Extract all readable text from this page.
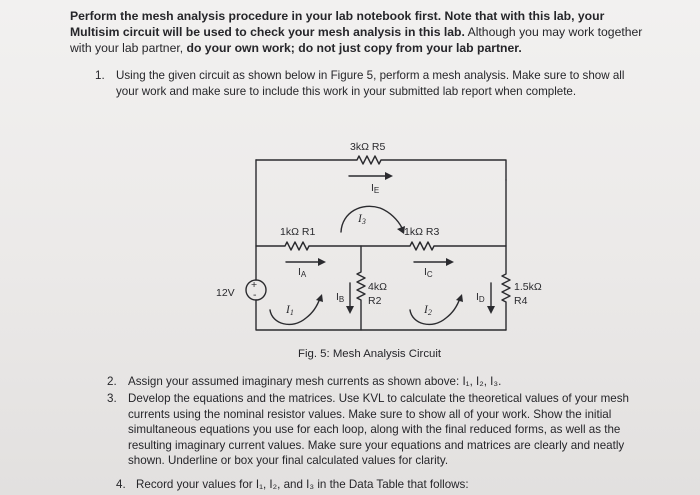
Perform the mesh analysis procedure in your lab notebook first. Note that with this lab, your Multisim circuit will be used to check your mesh analysis in this lab. Although you may work together with your lab partner, do your own work; do not just copy from your lab partner.

1. Using the given circuit as shown below in Figure 5, perform a mesh analysis. Make sure to show all your work and make sure to include this work in your submitted lab report when complete.

+
-
3kΩ R5
1kΩ R1	1kΩ R3
4kΩ
R2
1.5kΩ
R4
12V
IE
IA	IC
IB	ID
I1	I2
I3
Fig. 5: Mesh Analysis Circuit

2. Assign your assumed imaginary mesh currents as shown above: I₁, I₂, I₃.

3. Develop the equations and the matrices. Use KVL to calculate the theoretical values of your mesh currents using the nominal resistor values. Make sure to show all of your work. Show the initial simultaneous equations you use for each loop, along with the final reduced forms, as well as the resulting imaginary current values. Make sure your equations and matrices are clearly and neatly shown. Underline or box your final calculated values for clarity.

4. Record your values for I₁, I₂, and I₃ in the Data Table that follows:
